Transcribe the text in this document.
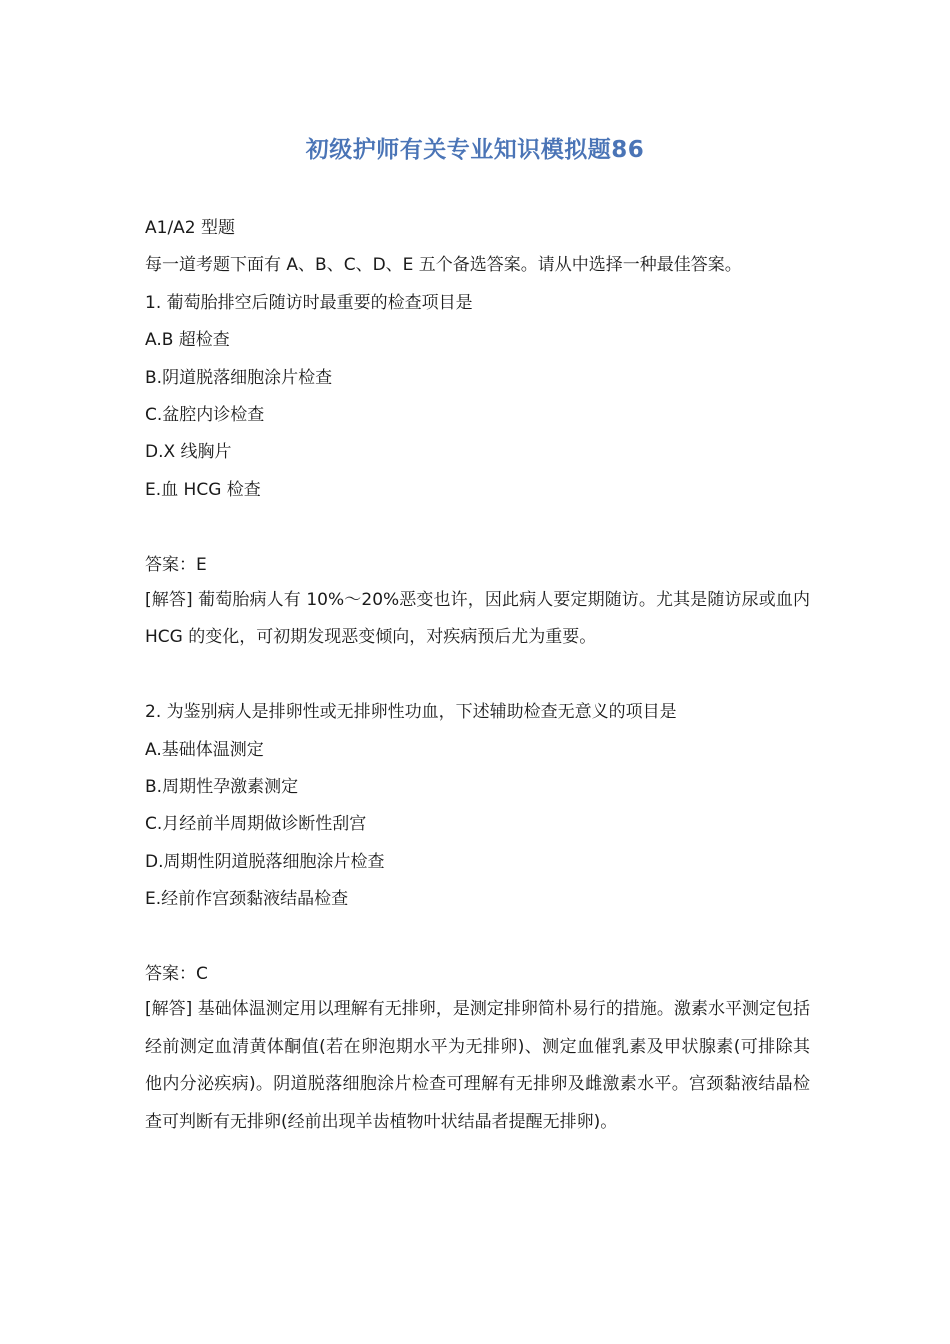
初级护师有关专业知识模拟题86
A1/A2 型题
每一道考题下面有 A、B、C、D、E 五个备选答案。请从中选择一种最佳答案。
1. 葡萄胎排空后随访时最重要的检查项目是
A.B 超检查
B.阴道脱落细胞涂片检查
C.盆腔内诊检查
D.X 线胸片
E.血 HCG 检查
答案：E
[解答] 葡萄胎病人有 10%～20%恶变也许，因此病人要定期随访。尤其是随访尿或血内 HCG 的变化，可初期发现恶变倾向，对疾病预后尤为重要。
2. 为鉴别病人是排卵性或无排卵性功血，下述辅助检查无意义的项目是
A.基础体温测定
B.周期性孕激素测定
C.月经前半周期做诊断性刮宫
D.周期性阴道脱落细胞涂片检查
E.经前作宫颈黏液结晶检查
答案：C
[解答] 基础体温测定用以理解有无排卵，是测定排卵简朴易行的措施。激素水平测定包括经前测定血清黄体酮值(若在卵泡期水平为无排卵)、测定血催乳素及甲状腺素(可排除其他内分泌疾病)。阴道脱落细胞涂片检查可理解有无排卵及雌激素水平。宫颈黏液结晶检查可判断有无排卵(经前出现羊齿植物叶状结晶者提醒无排卵)。
